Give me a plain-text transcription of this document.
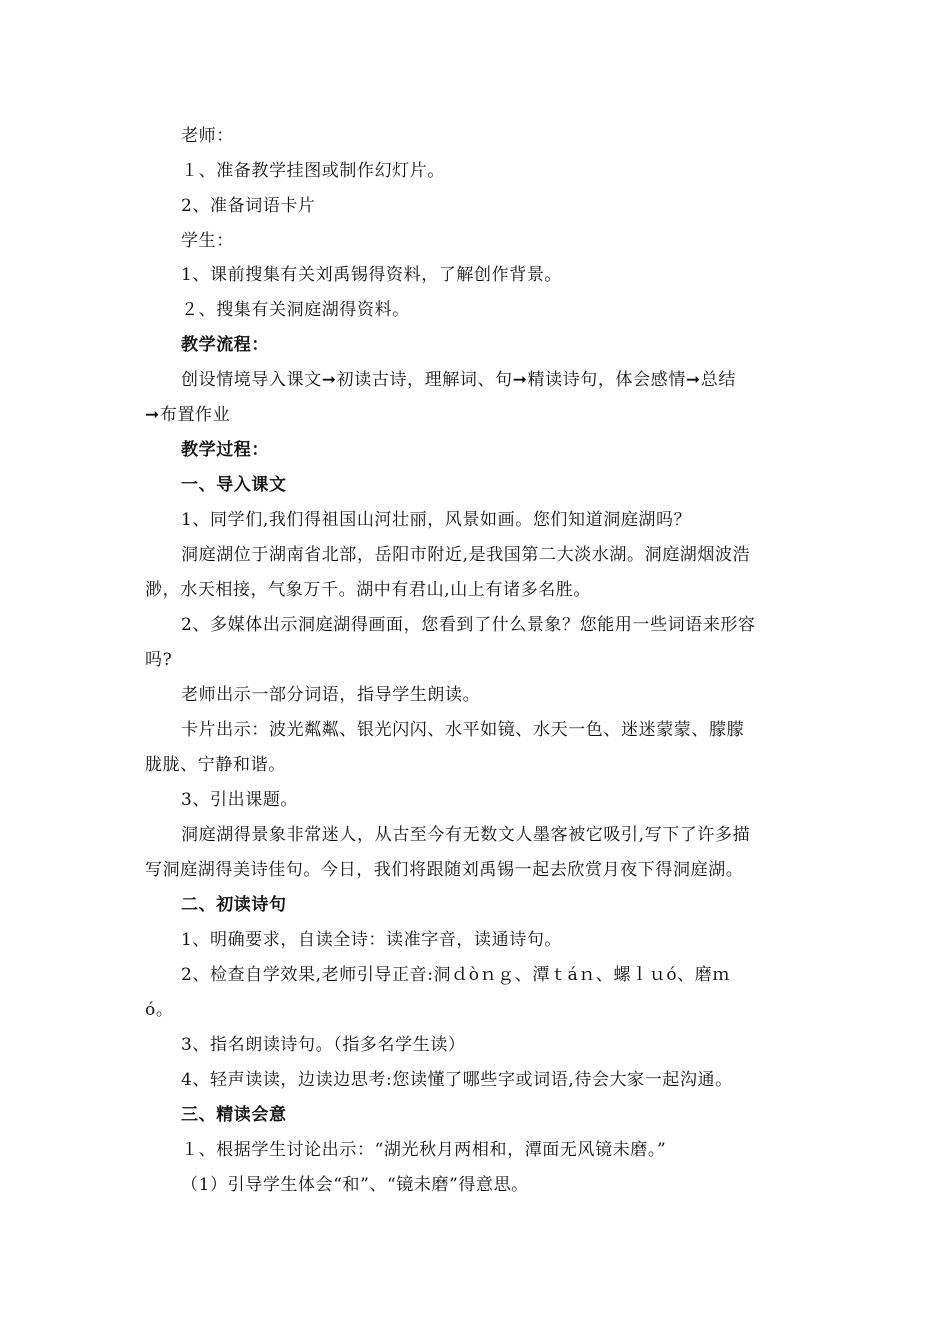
老师：
１、准备教学挂图或制作幻灯片。
2、准备词语卡片
学生：
1、课前搜集有关刘禹锡得资料，了解创作背景。
２、搜集有关洞庭湖得资料。
教学流程：
创设情境导入课文➞初读古诗，理解词、句➞精读诗句，体会感情➞总结
➞布置作业
教学过程：
一、导入课文
1、同学们,我们得祖国山河壮丽，风景如画。您们知道洞庭湖吗？
洞庭湖位于湖南省北部，岳阳市附近,是我国第二大淡水湖。洞庭湖烟波浩
渺，水天相接，气象万千。湖中有君山,山上有诸多名胜。
2、多媒体出示洞庭湖得画面，您看到了什么景象？您能用一些词语来形容
吗?
老师出示一部分词语，指导学生朗读。
卡片出示：波光粼粼、银光闪闪、水平如镜、水天一色、迷迷蒙蒙、朦朦
胧胧、宁静和谐。
3、引出课题。
洞庭湖得景象非常迷人，从古至今有无数文人墨客被它吸引,写下了许多描
写洞庭湖得美诗佳句。今日，我们将跟随刘禹锡一起去欣赏月夜下得洞庭湖。
二、初读诗句
1、明确要求，自读全诗：读准字音，读通诗句。
2、检查自学效果,老师引导正音:洞ｄòｎｇ、潭ｔáｎ、螺ｌｕó、磨ｍ
ó。
3、指名朗读诗句。（指多名学生读）
4、轻声读读，边读边思考:您读懂了哪些字或词语,待会大家一起沟通。
三、精读会意
１、根据学生讨论出示：“湖光秋月两相和，潭面无风镜未磨。”
（1）引导学生体会“和”、“镜未磨”得意思。
